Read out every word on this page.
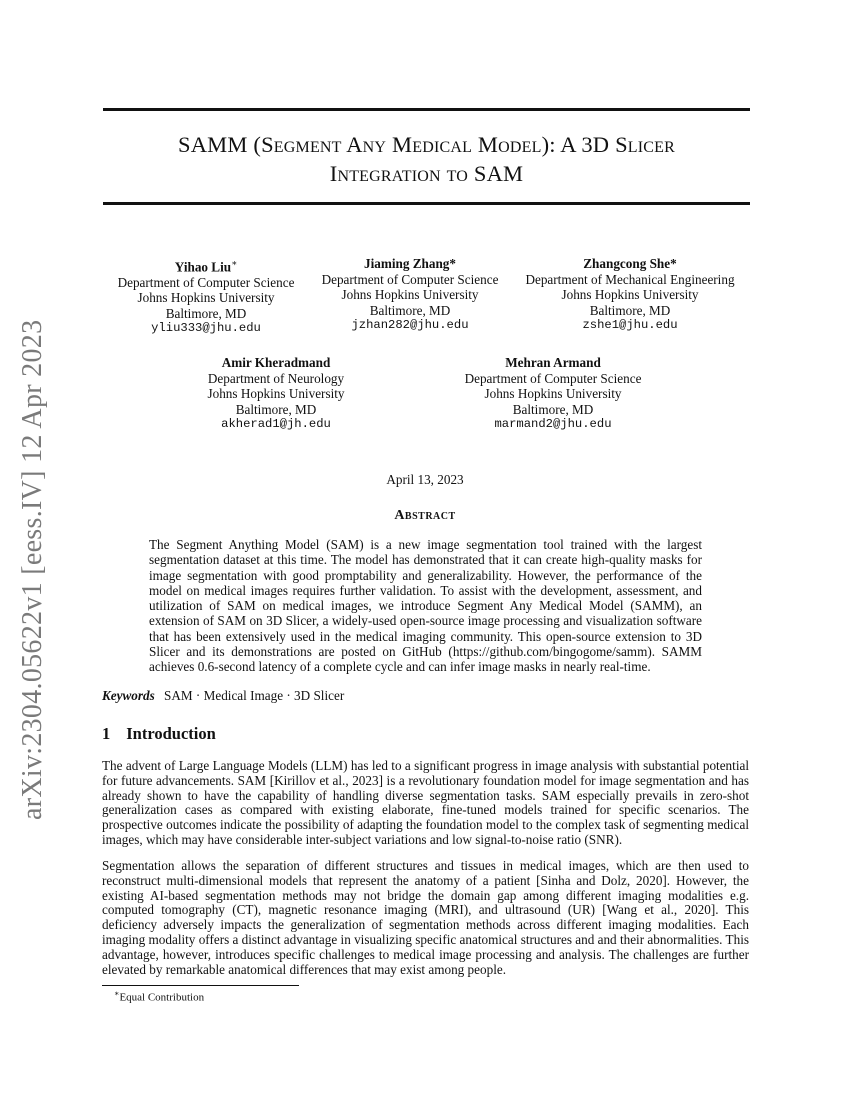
arXiv:2304.05622v1 [eess.IV] 12 Apr 2023
SAMM (Segment Any Medical Model): A 3D Slicer
Integration to SAM
Yihao Liu∗
Department of Computer Science
Johns Hopkins University
Baltimore, MD
yliu333@jhu.edu
Jiaming Zhang*
Department of Computer Science
Johns Hopkins University
Baltimore, MD
jzhan282@jhu.edu
Zhangcong She*
Department of Mechanical Engineering
Johns Hopkins University
Baltimore, MD
zshe1@jhu.edu
Amir Kheradmand
Department of Neurology
Johns Hopkins University
Baltimore, MD
akherad1@jh.edu
Mehran Armand
Department of Computer Science
Johns Hopkins University
Baltimore, MD
marmand2@jhu.edu
April 13, 2023
Abstract

The Segment Anything Model (SAM) is a new image segmentation tool trained with the largest segmentation dataset at this time. The model has demonstrated that it can create high-quality masks for image segmentation with good promptability and generalizability. However, the performance of the model on medical images requires further validation. To assist with the development, assessment, and utilization of SAM on medical images, we introduce Segment Any Medical Model (SAMM), an extension of SAM on 3D Slicer, a widely-used open-source image processing and visualization software that has been extensively used in the medical imaging community. This open-source extension to 3D Slicer and its demonstrations are posted on GitHub (https://github.com/bingogome/samm). SAMM achieves 0.6-second latency of a complete cycle and can infer image masks in nearly real-time.

Keywords SAM · Medical Image · 3D Slicer
1 Introduction

The advent of Large Language Models (LLM) has led to a significant progress in image analysis with substantial potential for future advancements. SAM [Kirillov et al., 2023] is a revolutionary foundation model for image segmentation and has already shown to have the capability of handling diverse segmentation tasks. SAM especially prevails in zero-shot generalization cases as compared with existing elaborate, fine-tuned models trained for specific scenarios. The prospective outcomes indicate the possibility of adapting the foundation model to the complex task of segmenting medical images, which may have considerable inter-subject variations and low signal-to-noise ratio (SNR).

Segmentation allows the separation of different structures and tissues in medical images, which are then used to reconstruct multi-dimensional models that represent the anatomy of a patient [Sinha and Dolz, 2020]. However, the existing AI-based segmentation methods may not bridge the domain gap among different imaging modalities e.g. computed tomography (CT), magnetic resonance imaging (MRI), and ultrasound (UR) [Wang et al., 2020]. This deficiency adversely impacts the generalization of segmentation methods across different imaging modalities. Each imaging modality offers a distinct advantage in visualizing specific anatomical structures and and their abnormalities. This advantage, however, introduces specific challenges to medical image processing and analysis. The challenges are further elevated by remarkable anatomical differences that may exist among people.

∗Equal Contribution
